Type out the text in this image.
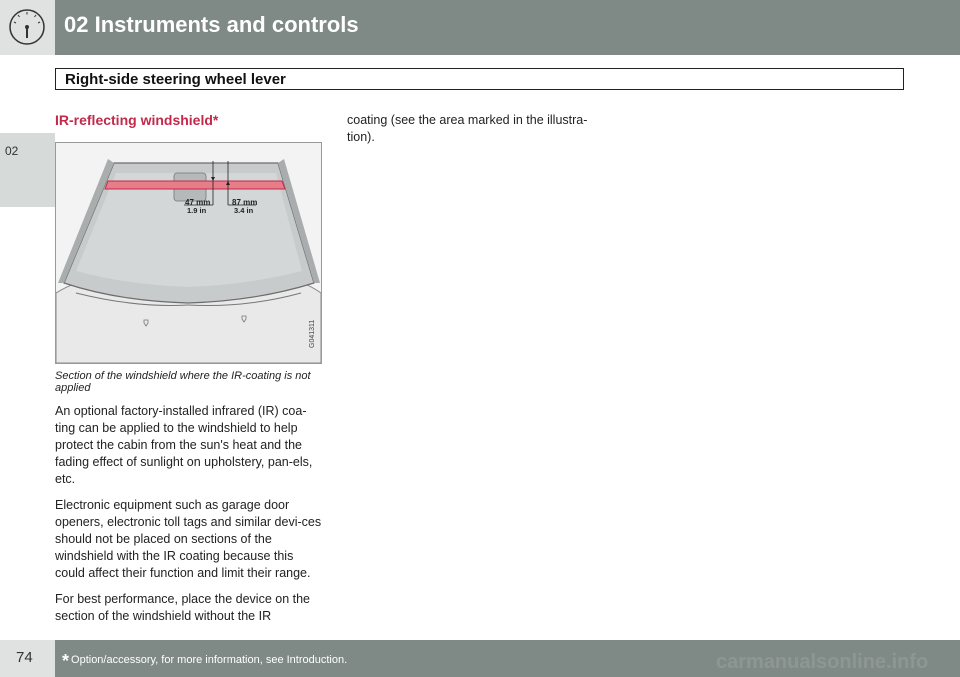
02 Instruments and controls
Right-side steering wheel lever
02
IR-reflecting windshield*
47 mm
1.9 in
87 mm
3.4 in
G041311
Section of the windshield where the IR-coating is not applied

An optional factory-installed infrared (IR) coa-ting can be applied to the windshield to help protect the cabin from the sun's heat and the fading effect of sunlight on upholstery, pan-els, etc.

Electronic equipment such as garage door openers, electronic toll tags and similar devi-ces should not be placed on sections of the windshield with the IR coating because this could affect their function and limit their range.

For best performance, place the device on the section of the windshield without the IR

coating (see the area marked in the illustra-tion).

74 * Option/accessory, for more information, see Introduction.	carmanualsonline.info
